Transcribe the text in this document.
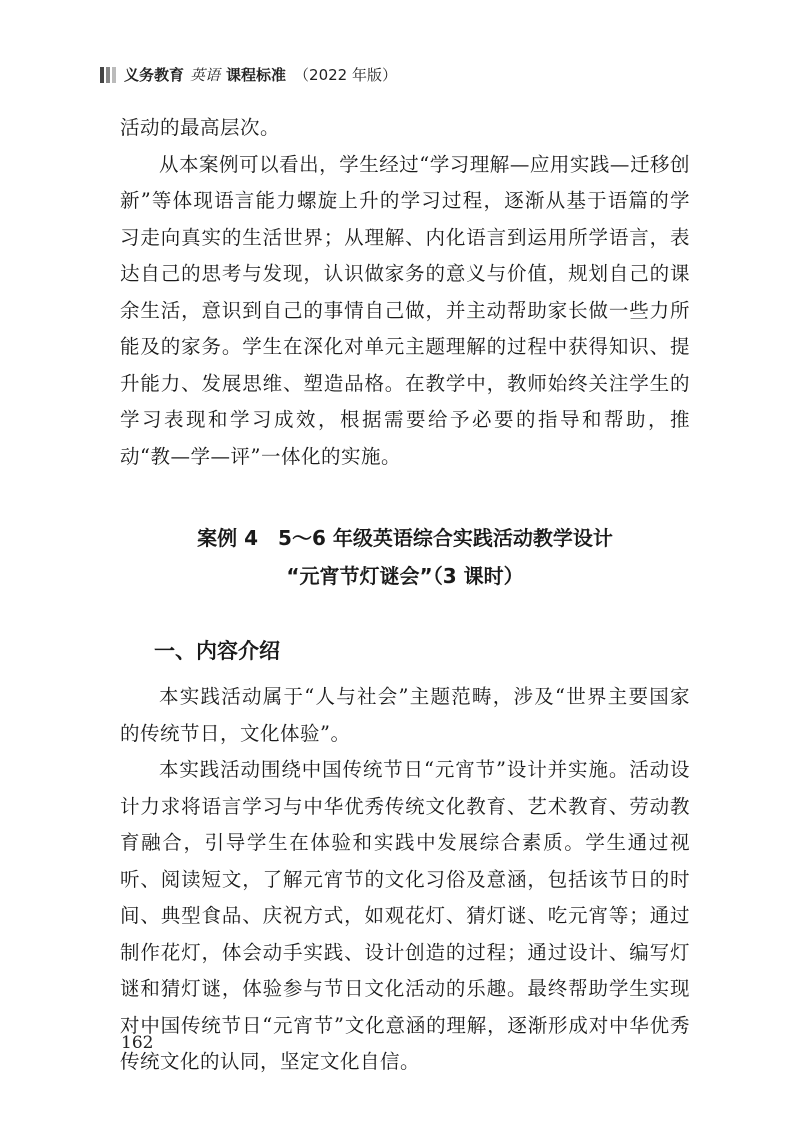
义务教育 英语 课程标准 （2022 年版）

活动的最高层次。

从本案例可以看出，学生经过“学习理解—应用实践—迁移创新”等体现语言能力螺旋上升的学习过程，逐渐从基于语篇的学习走向真实的生活世界；从理解、内化语言到运用所学语言，表达自己的思考与发现，认识做家务的意义与价值，规划自己的课余生活，意识到自己的事情自己做，并主动帮助家长做一些力所能及的家务。学生在深化对单元主题理解的过程中获得知识、提升能力、发展思维、塑造品格。在教学中，教师始终关注学生的学习表现和学习成效，根据需要给予必要的指导和帮助，推动“教—学—评”一体化的实施。

案例 4　5～6 年级英语综合实践活动教学设计
“元宵节灯谜会”（3 课时）
一、内容介绍

本实践活动属于“人与社会”主题范畴，涉及“世界主要国家的传统节日，文化体验”。

本实践活动围绕中国传统节日“元宵节”设计并实施。活动设计力求将语言学习与中华优秀传统文化教育、艺术教育、劳动教育融合，引导学生在体验和实践中发展综合素质。学生通过视听、阅读短文，了解元宵节的文化习俗及意涵，包括该节日的时间、典型食品、庆祝方式，如观花灯、猜灯谜、吃元宵等；通过制作花灯，体会动手实践、设计创造的过程；通过设计、编写灯谜和猜灯谜，体验参与节日文化活动的乐趣。最终帮助学生实现对中国传统节日“元宵节”文化意涵的理解，逐渐形成对中华优秀传统文化的认同，坚定文化自信。

162
